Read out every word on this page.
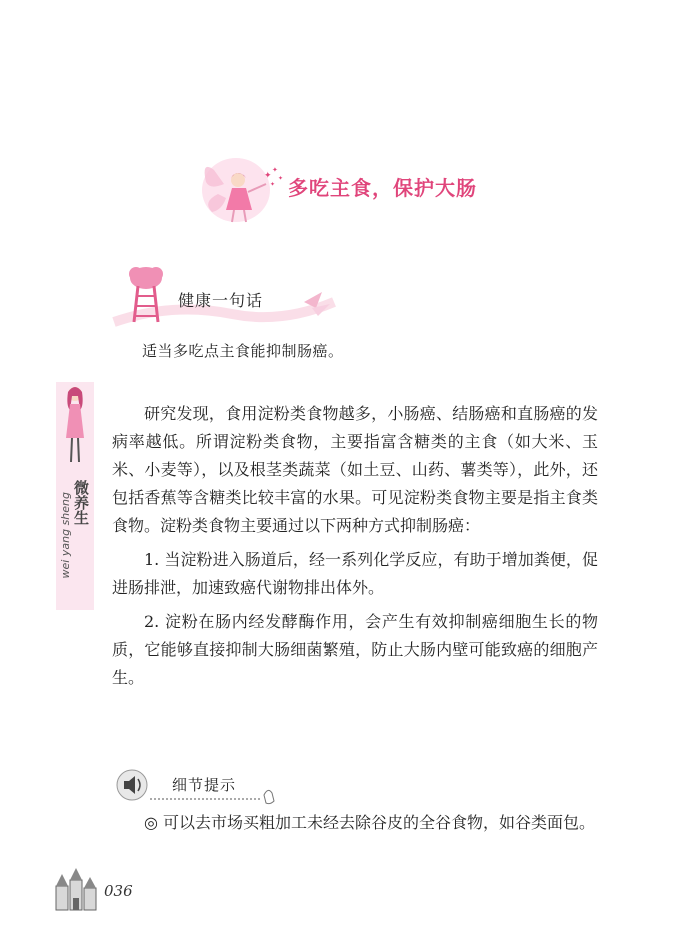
✦
✦
✦
✦ 多吃主食，保护大肠
健康一句话
适当多吃点主食能抑制肠癌。
微养生
wei yang sheng

研究发现，食用淀粉类食物越多，小肠癌、结肠癌和直肠癌的发病率越低。所谓淀粉类食物，主要指富含糖类的主食（如大米、玉米、小麦等），以及根茎类蔬菜（如土豆、山药、薯类等），此外，还包括香蕉等含糖类比较丰富的水果。可见淀粉类食物主要是指主食类食物。淀粉类食物主要通过以下两种方式抑制肠癌：

1. 当淀粉进入肠道后，经一系列化学反应，有助于增加粪便，促进肠排泄，加速致癌代谢物排出体外。

2. 淀粉在肠内经发酵酶作用，会产生有效抑制癌细胞生长的物质，它能够直接抑制大肠细菌繁殖，防止大肠内壁可能致癌的细胞产生。

细节提示
◎ 可以去市场买粗加工未经去除谷皮的全谷食物，如谷类面包。
036
